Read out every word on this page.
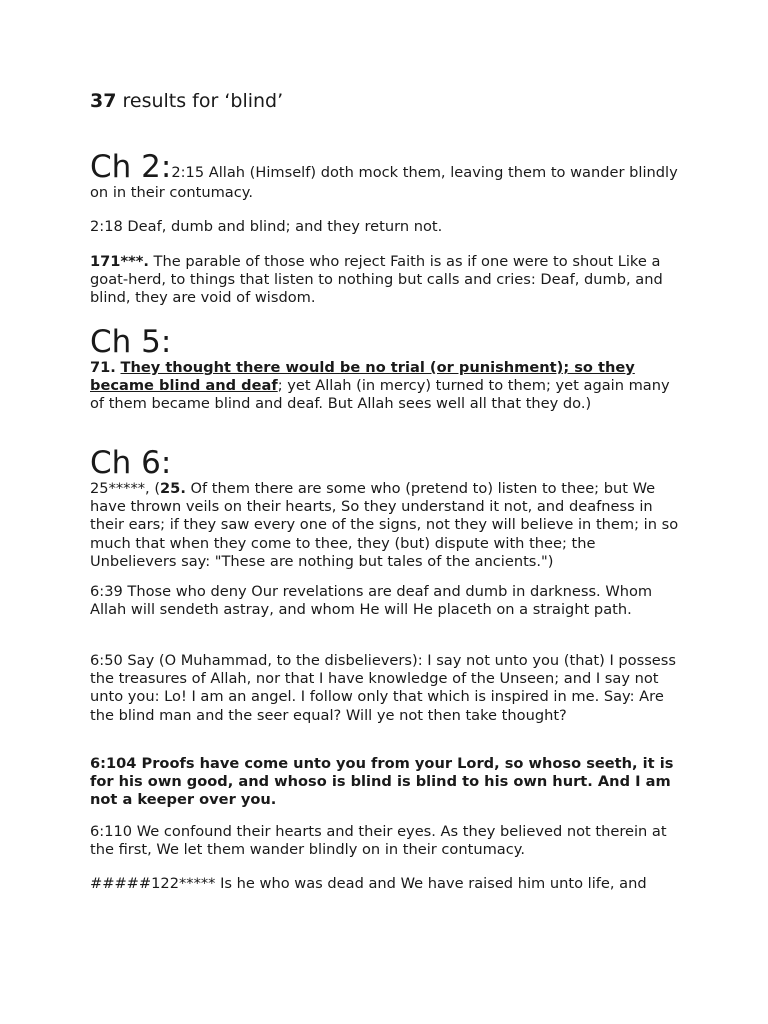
37 results for ‘blind’
Ch 2:2:15 Allah (Himself) doth mock them, leaving them to wander blindly on in their contumacy.
2:18 Deaf, dumb and blind; and they return not.
171***. The parable of those who reject Faith is as if one were to shout Like a goat-herd, to things that listen to nothing but calls and cries: Deaf, dumb, and blind, they are void of wisdom.
Ch 5:
71. They thought there would be no trial (or punishment); so they became blind and deaf; yet Allah (in mercy) turned to them; yet again many of them became blind and deaf. But Allah sees well all that they do.)
Ch 6:
25*****, (25. Of them there are some who (pretend to) listen to thee; but We have thrown veils on their hearts, So they understand it not, and deafness in their ears; if they saw every one of the signs, not they will believe in them; in so much that when they come to thee, they (but) dispute with thee; the Unbelievers say: "These are nothing but tales of the ancients.")
6:39 Those who deny Our revelations are deaf and dumb in darkness. Whom Allah will sendeth astray, and whom He will He placeth on a straight path.
6:50 Say (O Muhammad, to the disbelievers): I say not unto you (that) I possess the treasures of Allah, nor that I have knowledge of the Unseen; and I say not unto you: Lo! I am an angel. I follow only that which is inspired in me. Say: Are the blind man and the seer equal? Will ye not then take thought?
6:104 Proofs have come unto you from your Lord, so whoso seeth, it is for his own good, and whoso is blind is blind to his own hurt. And I am not a keeper over you.
6:110 We confound their hearts and their eyes. As they believed not therein at the first, We let them wander blindly on in their contumacy.
#####122***** Is he who was dead and We have raised him unto life, and
